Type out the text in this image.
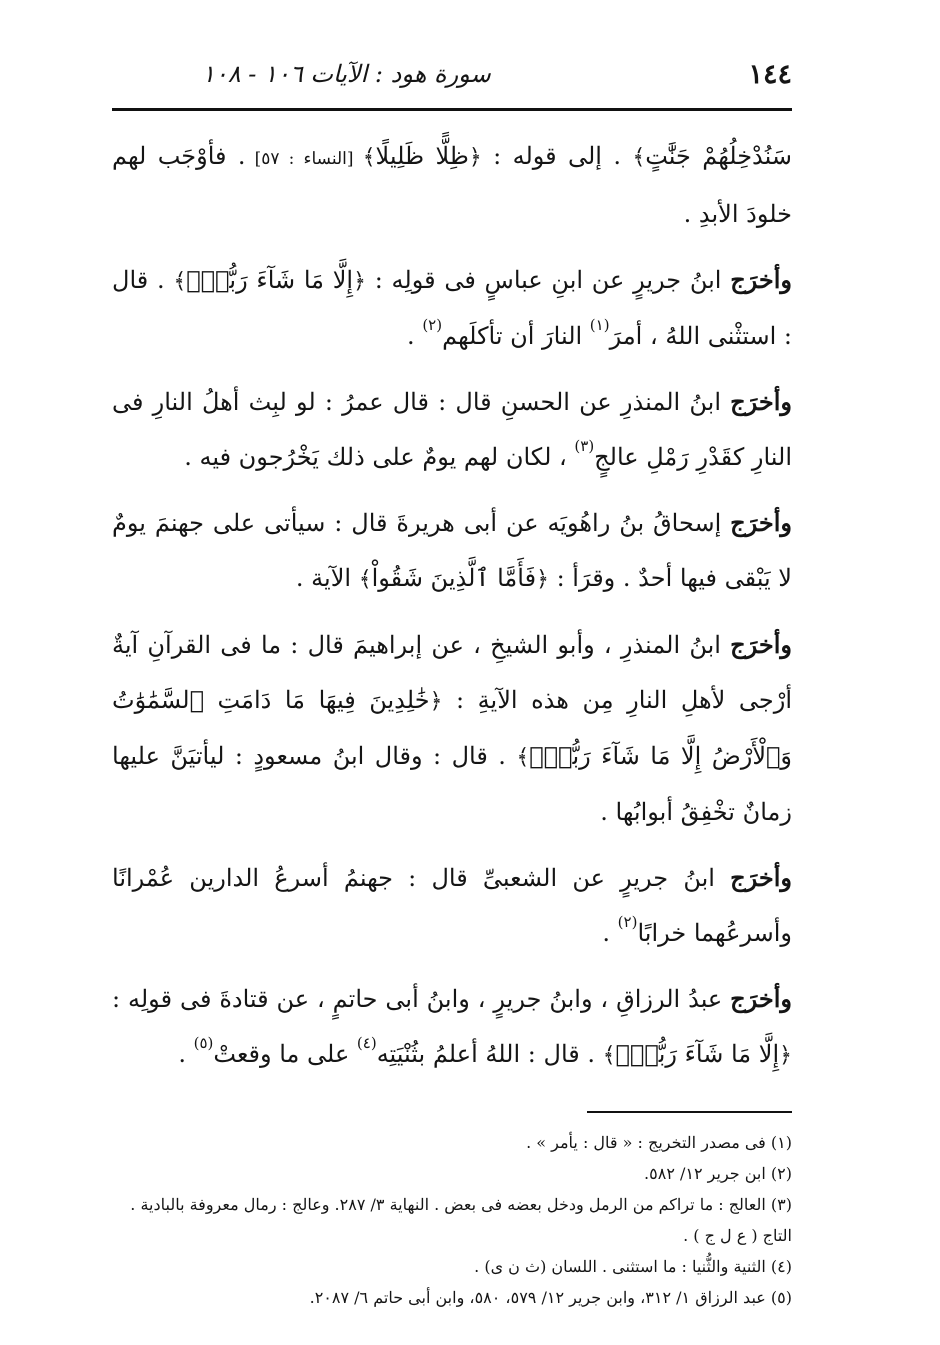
١٤٤
سورة هود : الآيات ١٠٦ - ١٠٨

سَنُدْخِلُهُمْ جَنَّٰتٍ﴾ . إلى قوله : ﴿ظِلًّا ظَلِيلًا﴾ [النساء : ٥٧] . فأوْجَب لهم خلودَ الأبدِ .

وأخرَج ابنُ جريرٍ عن ابنِ عباسٍ فى قولِه : ﴿إِلَّا مَا شَآءَ رَبُّكَۚ﴾ . قال : استثْنى اللهُ ، أمرَ$^{(١)}$ النارَ أن تأكلَهم$^{(٢)}$ .

وأخرَج ابنُ المنذرِ عن الحسنِ قال : قال عمرُ : لو لبِث أهلُ النارِ فى النارِ كقَدْرِ رَمْلِ عالجٍ$^{(٣)}$ ، لكان لهم يومٌ على ذلك يَخْرُجون فيه .

وأخرَج إسحاقُ بنُ راهُويَه عن أبى هريرةَ قال : سيأتى على جهنمَ يومٌ لا يَبْقى فيها أحدٌ . وقرَأ : ﴿فَأَمَّا ٱلَّذِينَ شَقُواْ﴾ الآية .

وأخرَج ابنُ المنذرِ ، وأبو الشيخِ ، عن إبراهيمَ قال : ما فى القرآنِ آيةٌ أرْجى لأهلِ النارِ مِن هذه الآيةِ : ﴿خَٰلِدِينَ فِيهَا مَا دَامَتِ ٱلسَّمَٰوَٰتُ وَٱلْأَرْضُ إِلَّا مَا شَآءَ رَبُّكَۚ﴾ . قال : وقال ابنُ مسعودٍ : ليأتيَنَّ عليها زمانٌ تخْفِقُ أبوابُها .

وأخرَج ابنُ جريرٍ عن الشعبىِّ قال : جهنمُ أسرعُ الدارين عُمْرانًا وأسرعُهما خرابًا$^{(٢)}$ .

وأخرَج عبدُ الرزاقِ ، وابنُ جريرٍ ، وابنُ أبى حاتمٍ ، عن قتادةَ فى قولِه : ﴿إِلَّا مَا شَآءَ رَبُّكَۚ﴾ . قال : اللهُ أعلمُ بثُنْيَتِه$^{(٤)}$ على ما وقعتْ$^{(٥)}$ .

(١) فى مصدر التخريج : « قال : يأمر » .

(٢) ابن جرير ١٢/ ٥٨٢.

(٣) العالج : ما تراكم من الرمل ودخل بعضه فى بعض . النهاية ٣/ ٢٨٧. وعالج : رمال معروفة بالبادية . التاج ( ع ل ج ) .

(٤) الثنية والثُّنيا : ما استثنى . اللسان (ث ن ى) .

(٥) عبد الرزاق ١/ ٣١٢، وابن جرير ١٢/ ٥٧٩، ٥٨٠، وابن أبى حاتم ٦/ ٢٠٨٧.
